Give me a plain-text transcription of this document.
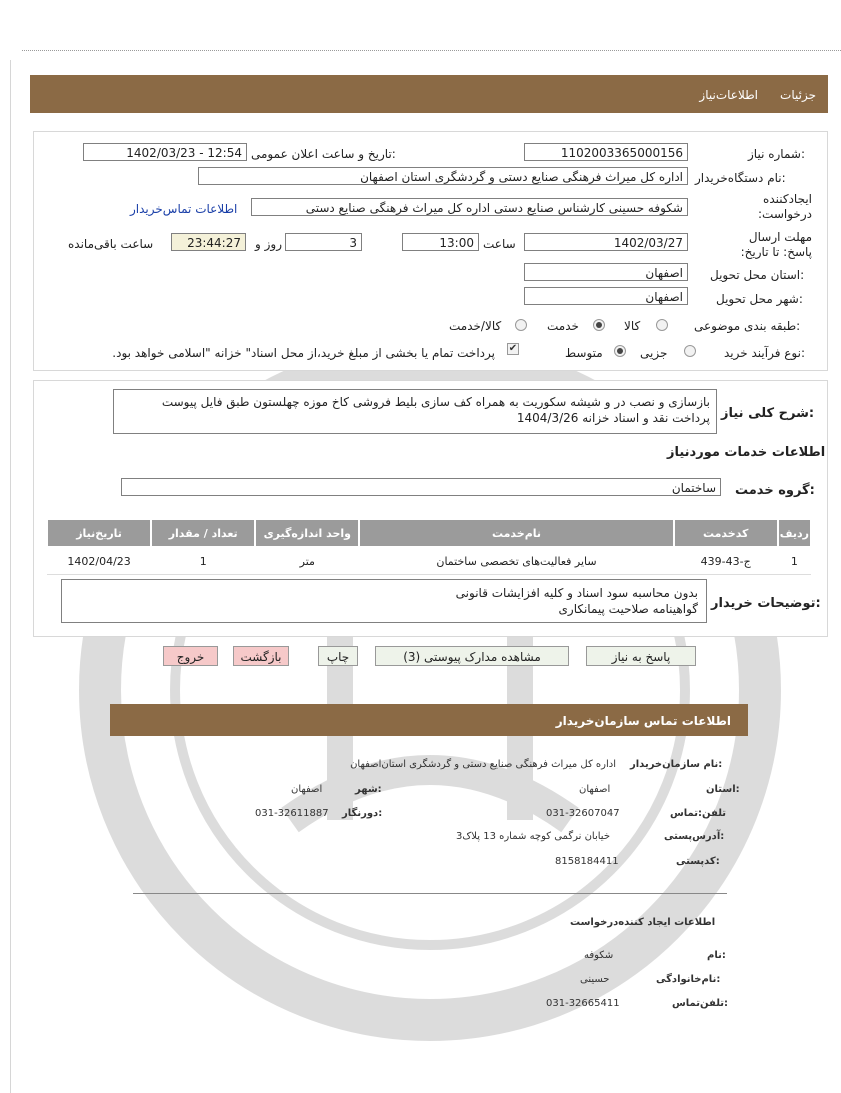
جزئیات
اطلاعات‌نیاز
شماره نیاز:
1102003365000156
تاریخ و ساعت اعلان عمومی:
1402/03/23 - 12:54
نام دستگاه‌خریدار:
اداره کل میراث فرهنگی صنایع دستی و گردشگری استان اصفهان
ایجادکننده درخواست:
شکوفه حسینی کارشناس صنایع دستی اداره کل میراث فرهنگی صنایع دستی
اطلاعات تماس‌خریدار
مهلت ارسال پاسخ: تا تاریخ:
1402/03/27
ساعت
13:00
3
روز و
23:44:27
ساعت باقی‌مانده
استان محل تحویل:
اصفهان
شهر محل تحویل:
اصفهان
طبقه بندی موضوعی:
کالا
خدمت
کالا/خدمت
نوع فرآیند خرید:
جزیی
متوسط
✔
پرداخت تمام یا بخشی از مبلغ خرید،از محل اسناد" خزانه "اسلامی خواهد بود.
شرح کلی نیاز:
بازسازی و نصب در و شیشه سکوریت به همراه کف سازی بلیط فروشی کاخ موزه چهلستون طبق فایل پیوست
پرداخت نقد و اسناد خزانه 1404/3/26
اطلاعات خدمات مورد‌نیاز
گروه خدمت:
ساختمان
ردیف	کدخدمت	نام‌خدمت	واحد اندازه‌گیری	تعداد / مقدار	تاریخ‌نیاز
1	ج-43-439	سایر فعالیت‌های تخصصی ساختمان	متر	1	1402/04/23
توضیحات خریدار:
بدون محاسبه سود اسناد و کلیه افزایشات قانونی
گواهینامه صلاحیت پیمانکاری
پاسخ به نیاز
مشاهده مدارک پیوستی (3)
چاپ
بازگشت
خروج
اطلاعات تماس سازمان‌خریدار
نام سازمان‌خریدار:
اداره کل میراث فرهنگی صنایع دستی و گردشگری استان‌اصفهان
استان:
اصفهان
شهر:
اصفهان
تلفن:تماس
031-32607047
دورنگار:
031-32611887
آدرس‌پستی:
خیابان نرگمی کوچه شماره 13 پلاک3
کدپستی:
8158184411
اطلاعات ایجاد کننده‌درخواست
نام:
شکوفه
نام‌خانوادگی:
حسینی
تلفن‌تماس:
031-32665411
